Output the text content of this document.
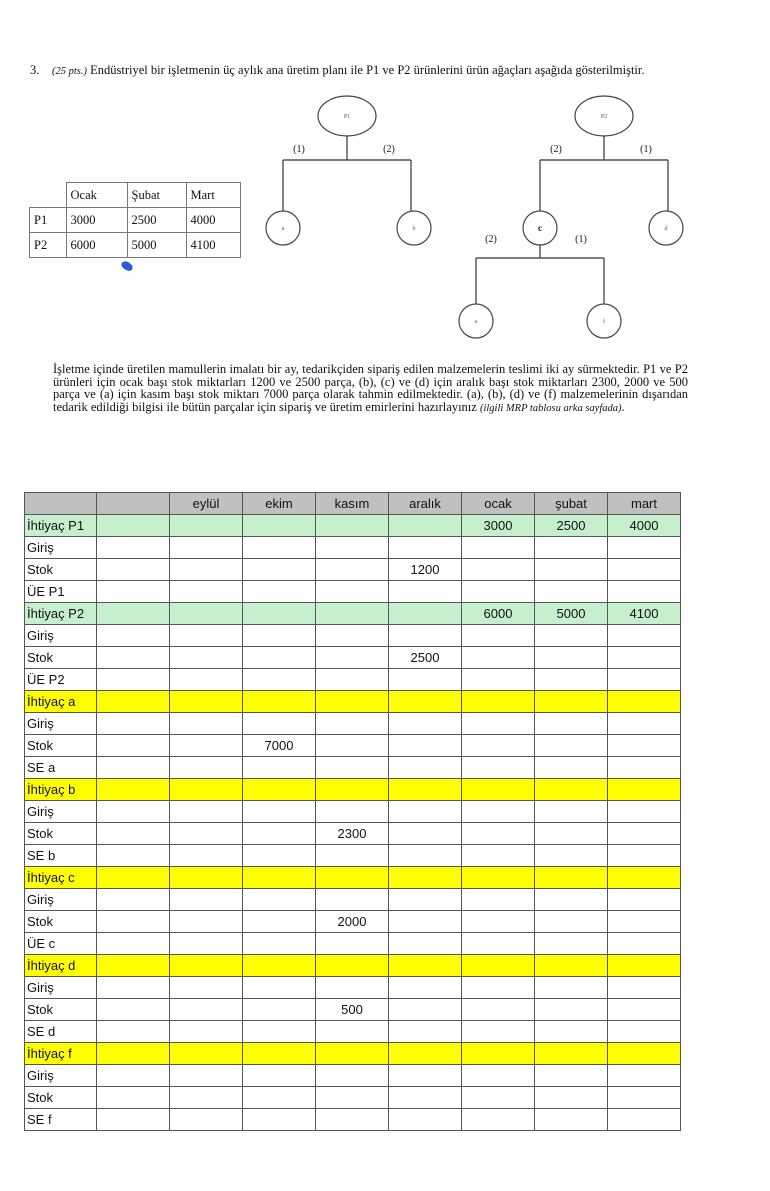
3. (25 pts.) Endüstriyel bir işletmenin üç aylık ana üretim planı ile P1 ve P2 ürünlerini ürün ağaçları aşağıda gösterilmiştir.
	Ocak	Şubat	Mart
P1	3000	2500	4000
P2	6000	5000	4100
P1
(1)	(2)
a	b
P2
(2)	(1)
c	d
(2)	(1)
a	f
İşletme içinde üretilen mamullerin imalatı bir ay, tedarikçiden sipariş edilen malzemelerin teslimi iki ay sürmektedir. P1 ve P2 ürünleri için ocak başı stok miktarları 1200 ve 2500 parça, (b), (c) ve (d) için aralık başı stok miktarları 2300, 2000 ve 500 parça ve (a) için kasım başı stok miktarı 7000 parça olarak tahmin edilmektedir. (a), (b), (d) ve (f) malzemelerinin dışarıdan tedarik edildiği bilgisi ile bütün parçalar için sipariş ve üretim emirlerini hazırlayınız (ilgili MRP tablosu arka sayfada).
		eylül	ekim	kasım	aralık	ocak	şubat	mart
İhtiyaç P1						3000	2500	4000
Giriş								
Stok					1200			
ÜE P1								
İhtiyaç P2						6000	5000	4100
Giriş								
Stok					2500			
ÜE P2								
İhtiyaç a								
Giriş								
Stok			7000					
SE a								
İhtiyaç b								
Giriş								
Stok				2300				
SE b								
İhtiyaç c								
Giriş								
Stok				2000				
ÜE c								
İhtiyaç d								
Giriş								
Stok				500				
SE d								
İhtiyaç f								
Giriş								
Stok								
SE f								
